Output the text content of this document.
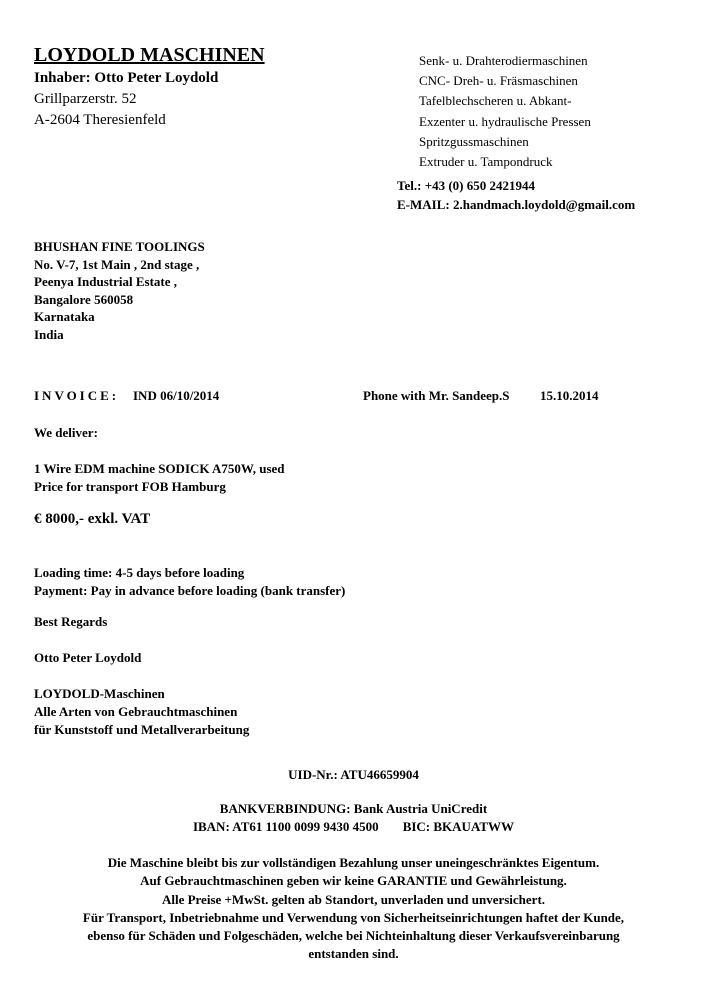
LOYDOLD MASCHINEN
Inhaber: Otto Peter Loydold
Grillparzerstr. 52
A-2604 Theresienfeld
Senk- u. Drahterodiermaschinen
CNC- Dreh- u. Fräsmaschinen
Tafelblechscheren u. Abkant-
Exzenter u. hydraulische Pressen
Spritzgussmaschinen
Extruder u. Tampondruck
Tel.: +43 (0) 650 2421944
E-MAIL: 2.handmach.loydold@gmail.com
BHUSHAN FINE TOOLINGS
No. V-7, 1st Main , 2nd stage ,
Peenya Industrial Estate ,
Bangalore 560058
Karnataka
India
INVOICE: IND 06/10/2014	Phone with Mr. Sandeep.S 15.10.2014
We deliver:
1 Wire EDM machine SODICK A750W, used
Price for transport FOB Hamburg
€ 8000,- exkl. VAT
Loading time: 4-5 days before loading
Payment: Pay in advance before loading (bank transfer)
Best Regards
Otto Peter Loydold
LOYDOLD-Maschinen
Alle Arten von Gebrauchtmaschinen
für Kunststoff und Metallverarbeitung
UID-Nr.: ATU46659904
BANKVERBINDUNG: Bank Austria UniCredit
IBAN: AT61 1100 0099 9430 4500 BIC: BKAUATWW
Die Maschine bleibt bis zur vollständigen Bezahlung unser uneingeschränktes Eigentum.
Auf Gebrauchtmaschinen geben wir keine GARANTIE und Gewährleistung.
Alle Preise +MwSt. gelten ab Standort, unverladen und unversichert.
Für Transport, Inbetriebnahme und Verwendung von Sicherheitseinrichtungen haftet der Kunde,
ebenso für Schäden und Folgeschäden, welche bei Nichteinhaltung dieser Verkaufsvereinbarung
entstanden sind.
